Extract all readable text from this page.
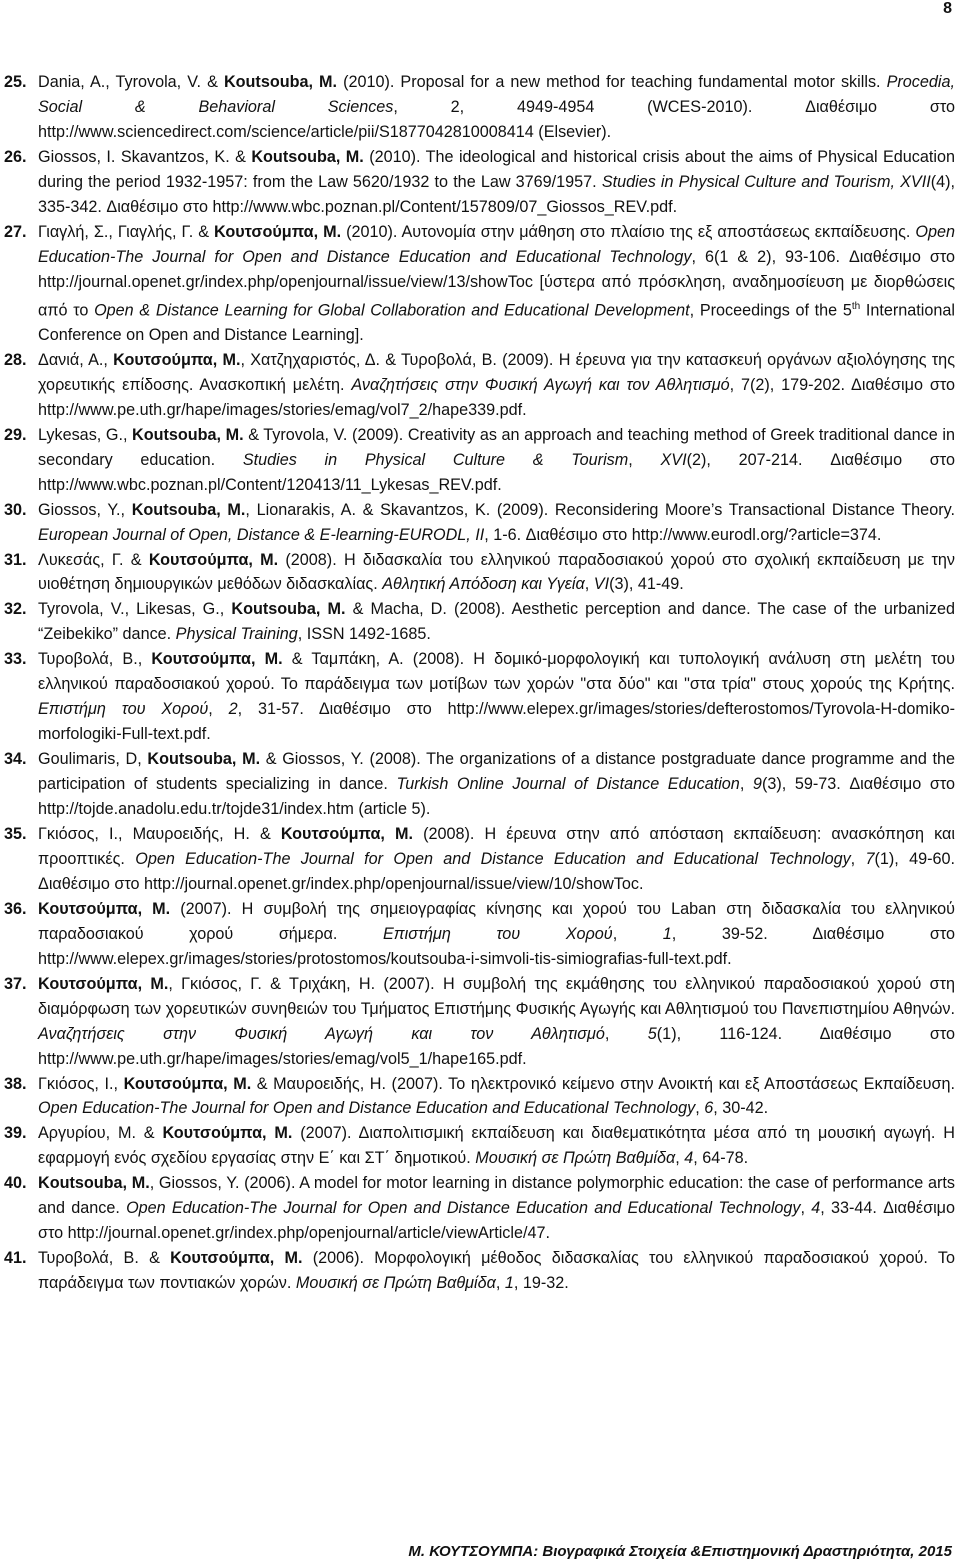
8
25. Dania, A., Tyrovola, V. & Koutsouba, M. (2010). Proposal for a new method for teaching fundamental motor skills. Procedia, Social & Behavioral Sciences, 2, 4949-4954 (WCES-2010). Διαθέσιμο στο http://www.sciencedirect.com/science/article/pii/S1877042810008414 (Elsevier).
26. Giossos, I. Skavantzos, K. & Koutsouba, M. (2010). The ideological and historical crisis about the aims of Physical Education during the period 1932-1957: from the Law 5620/1932 to the Law 3769/1957. Studies in Physical Culture and Tourism, XVII(4), 335-342. Διαθέσιμο στο http://www.wbc.poznan.pl/Content/157809/07_Giossos_REV.pdf.
27. Γιαγλή, Σ., Γιαγλής, Γ. & Κουτσούμπα, Μ. (2010). Αυτονομία στην μάθηση στο πλαίσιο της εξ αποστάσεως εκπαίδευσης. Open Education-The Journal for Open and Distance Education and Educational Technology, 6(1 & 2), 93-106. Διαθέσιμο στο http://journal.openet.gr/index.php/openjournal/issue/view/13/showToc [ύστερα από πρόσκληση, αναδημοσίευση με διορθώσεις από το Open & Distance Learning for Global Collaboration and Educational Development, Proceedings of the 5th International Conference on Open and Distance Learning].
28. Δανιά, Α., Κουτσούμπα, Μ., Χατζηχαριστός, Δ. & Τυροβολά, Β. (2009). Η έρευνα για την κατασκευή οργάνων αξιολόγησης της χορευτικής επίδοσης. Ανασκοπική μελέτη. Αναζητήσεις στην Φυσική Αγωγή και τον Αθλητισμό, 7(2), 179-202. Διαθέσιμο στο http://www.pe.uth.gr/hape/images/stories/emag/vol7_2/hape339.pdf.
29. Lykesas, G., Koutsouba, M. & Tyrovola, V. (2009). Creativity as an approach and teaching method of Greek traditional dance in secondary education. Studies in Physical Culture & Tourism, XVI(2), 207-214. Διαθέσιμο στο http://www.wbc.poznan.pl/Content/120413/11_Lykesas_REV.pdf.
30. Giossos, Y., Koutsouba, M., Lionarakis, A. & Skavantzos, K. (2009). Reconsidering Moore’s Transactional Distance Theory. European Journal of Open, Distance & E-learning-EURODL, II, 1-6. Διαθέσιμο στο http://www.eurodl.org/?article=374.
31. Λυκεσάς, Γ. & Κουτσούμπα, Μ. (2008). Η διδασκαλία του ελληνικού παραδοσιακού χορού στο σχολική εκπαίδευση με την υιοθέτηση δημιουργικών μεθόδων διδασκαλίας. Αθλητική Απόδοση και Υγεία, VI(3), 41-49.
32. Tyrovola, V., Likesas, G., Koutsouba, M. & Macha, D. (2008). Aesthetic perception and dance. The case of the urbanized “Zeibekiko” dance. Physical Training, ISSN 1492-1685.
33. Τυροβολά, Β., Κουτσούμπα, Μ. & Ταμπάκη, Α. (2008). Η δομικό-μορφολογική και τυπολογική ανάλυση στη μελέτη του ελληνικού παραδοσιακού χορού. Το παράδειγμα των μοτίβων των χορών "στα δύο" και "στα τρία" στους χορούς της Κρήτης. Επιστήμη του Χορού, 2, 31-57. Διαθέσιμο στο http://www.elepex.gr/images/stories/defterostomos/Tyrovola-H-domiko-morfologiki-Full-text.pdf.
34. Goulimaris, D, Koutsouba, M. & Giossos, Y. (2008). The organizations of a distance postgraduate dance programme and the participation of students specializing in dance. Turkish Online Journal of Distance Education, 9(3), 59-73. Διαθέσιμο στο http://tojde.anadolu.edu.tr/tojde31/index.htm (article 5).
35. Γκιόσος, Ι., Μαυροειδής, Η. & Κουτσούμπα, Μ. (2008). Η έρευνα στην από απόσταση εκπαίδευση: ανασκόπηση και προοπτικές. Open Education-The Journal for Open and Distance Education and Educational Technology, 7(1), 49-60. Διαθέσιμο στο http://journal.openet.gr/index.php/openjournal/issue/view/10/showToc.
36. Κουτσούμπα, Μ. (2007). Η συμβολή της σημειογραφίας κίνησης και χορού του Laban στη διδασκαλία του ελληνικού παραδοσιακού χορού σήμερα. Επιστήμη του Χορού, 1, 39-52. Διαθέσιμο στο http://www.elepex.gr/images/stories/protostomos/koutsouba-i-simvoli-tis-simiografias-full-text.pdf.
37. Κουτσούμπα, Μ., Γκιόσος, Γ. & Τριχάκη, Η. (2007). Η συμβολή της εκμάθησης του ελληνικού παραδοσιακού χορού στη διαμόρφωση των χορευτικών συνηθειών του Τμήματος Επιστήμης Φυσικής Αγωγής και Αθλητισμού του Πανεπιστημίου Αθηνών. Αναζητήσεις στην Φυσική Αγωγή και τον Αθλητισμό, 5(1), 116-124. Διαθέσιμο στο http://www.pe.uth.gr/hape/images/stories/emag/vol5_1/hape165.pdf.
38. Γκιόσος, Ι., Κουτσούμπα, Μ. & Μαυροειδής, Η. (2007). Το ηλεκτρονικό κείμενο στην Ανοικτή και εξ Αποστάσεως Εκπαίδευση. Open Education-The Journal for Open and Distance Education and Educational Technology, 6, 30-42.
39. Αργυρίου, Μ. & Κουτσούμπα, Μ. (2007). Διαπολιτισμική εκπαίδευση και διαθεματικότητα μέσα από τη μουσική αγωγή. Η εφαρμογή ενός σχεδίου εργασίας στην Ε΄ και ΣΤ΄ δημοτικού. Μουσική σε Πρώτη Βαθμίδα, 4, 64-78.
40. Koutsouba, M., Giossos, Y. (2006). A model for motor learning in distance polymorphic education: the case of performance arts and dance. Open Education-The Journal for Open and Distance Education and Educational Technology, 4, 33-44. Διαθέσιμο στο http://journal.openet.gr/index.php/openjournal/article/viewArticle/47.
41. Τυροβολά, Β. & Κουτσούμπα, Μ. (2006). Μορφολογική μέθοδος διδασκαλίας του ελληνικού παραδοσιακού χορού. Το παράδειγμα των ποντιακών χορών. Μουσική σε Πρώτη Βαθμίδα, 1, 19-32.
Μ. ΚΟΥΤΣΟΥΜΠΑ: Βιογραφικά Στοιχεία &Επιστημονική Δραστηριότητα, 2015
